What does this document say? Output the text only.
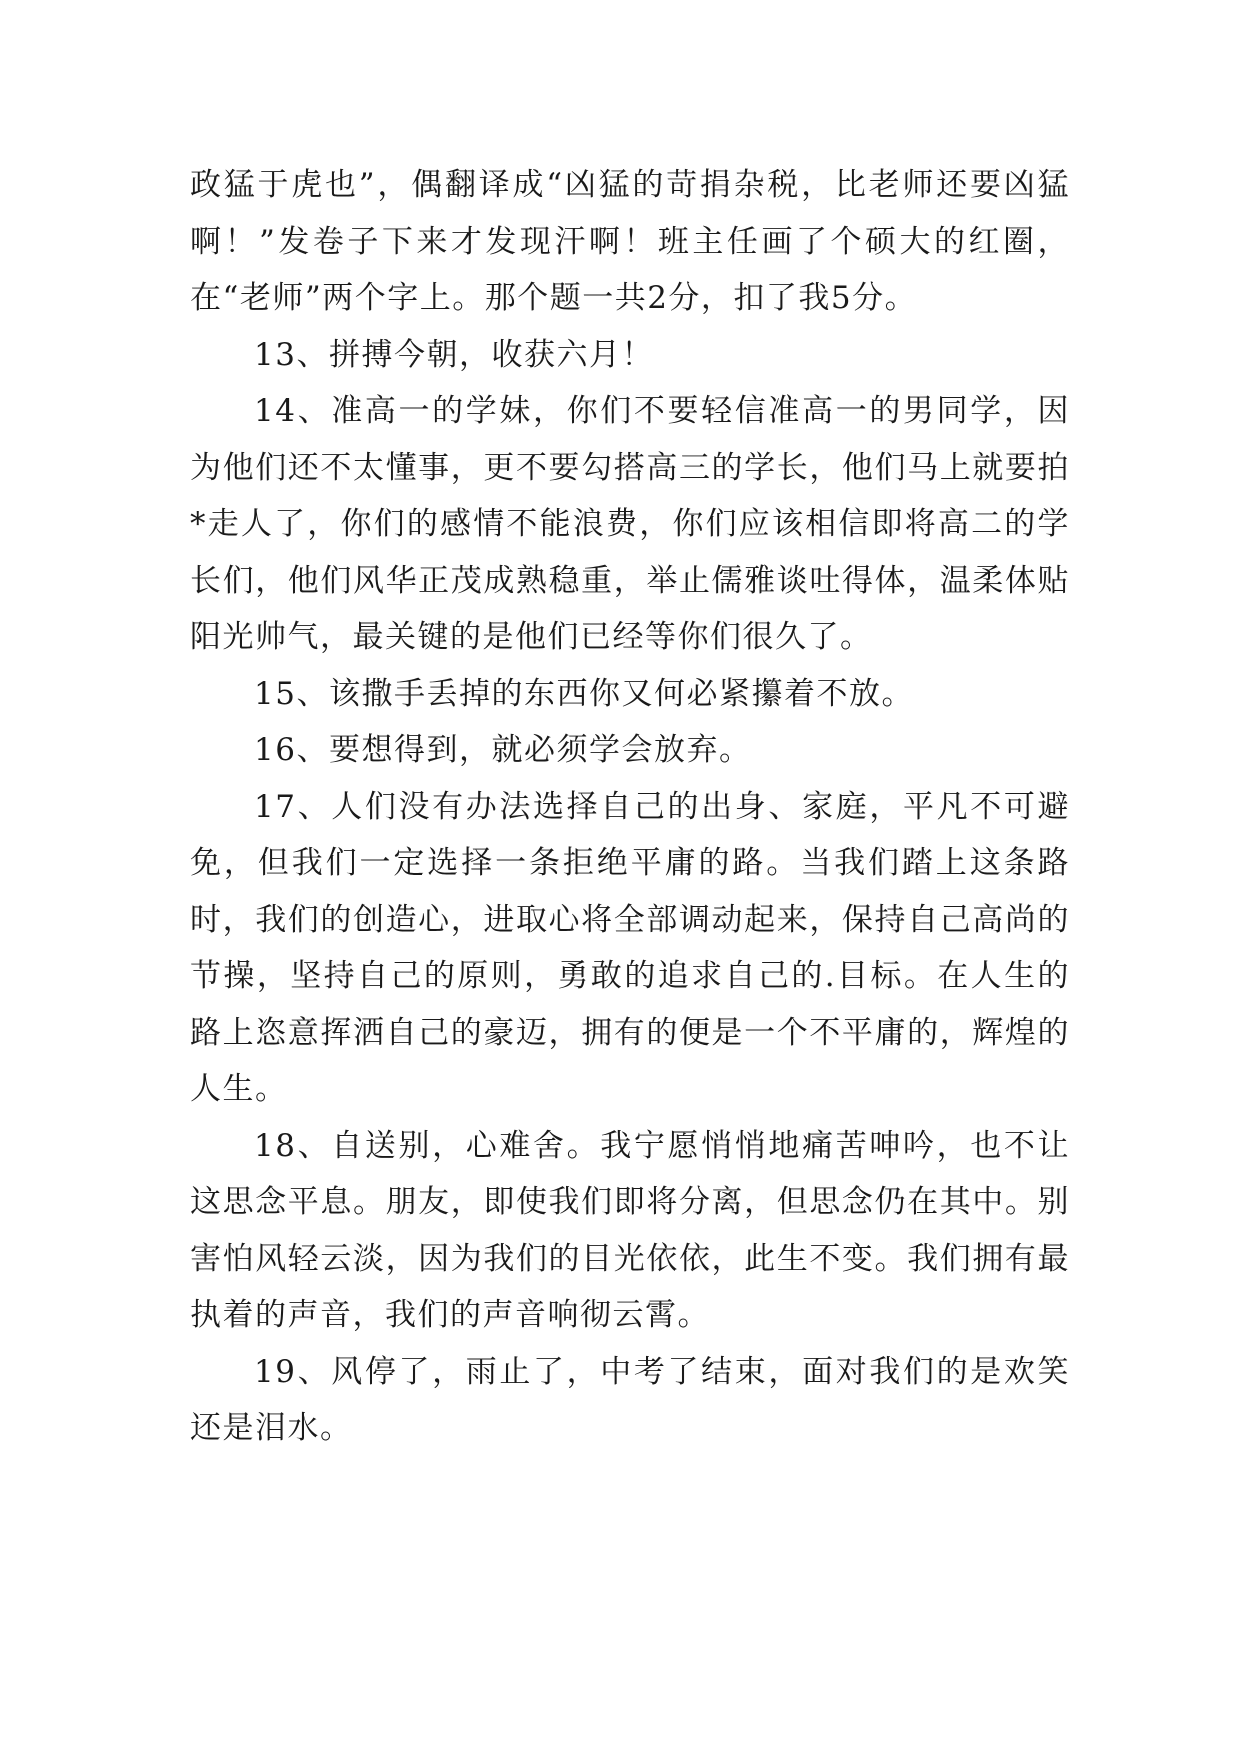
政猛于虎也”，偶翻译成“凶猛的苛捐杂税，比老师还要凶猛啊！”发卷子下来才发现汗啊！班主任画了个硕大的红圈，在“老师”两个字上。那个题一共2分，扣了我5分。

13、拼搏今朝，收获六月！

14、准高一的学妹，你们不要轻信准高一的男同学，因为他们还不太懂事，更不要勾搭高三的学长，他们马上就要拍*走人了，你们的感情不能浪费，你们应该相信即将高二的学长们，他们风华正茂成熟稳重，举止儒雅谈吐得体，温柔体贴阳光帅气，最关键的是他们已经等你们很久了。

15、该撒手丢掉的东西你又何必紧攥着不放。

16、要想得到，就必须学会放弃。

17、人们没有办法选择自己的出身、家庭，平凡不可避免，但我们一定选择一条拒绝平庸的路。当我们踏上这条路时，我们的创造心，进取心将全部调动起来，保持自己高尚的节操，坚持自己的原则，勇敢的追求自己的.目标。在人生的路上恣意挥洒自己的豪迈，拥有的便是一个不平庸的，辉煌的人生。

18、自送别，心难舍。我宁愿悄悄地痛苦呻吟，也不让这思念平息。朋友，即使我们即将分离，但思念仍在其中。别害怕风轻云淡，因为我们的目光依依，此生不变。我们拥有最执着的声音，我们的声音响彻云霄。

19、风停了，雨止了，中考了结束，面对我们的是欢笑还是泪水。
